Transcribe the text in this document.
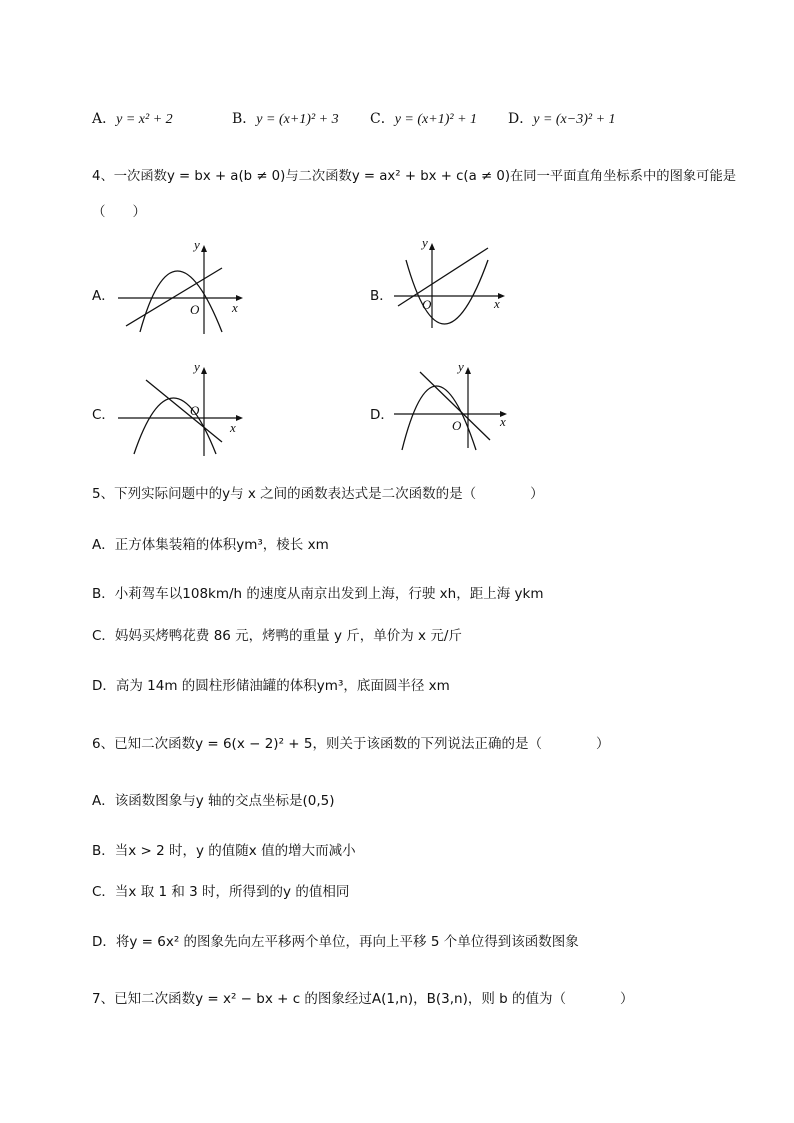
A．y = x² + 2	B．y = (x+1)² + 3 C．y = (x+1)² + 1 D．y = (x−3)² + 1
4、一次函数y = bx + a(b ≠ 0)与二次函数y = ax² + bx + c(a ≠ 0)在同一平面直角坐标系中的图象可能是
（　　）
A．
y
x
O
B．
y
x
O
C．
y
x
O	D．
y
x
O
5、下列实际问题中的y与 x 之间的函数表达式是二次函数的是（　　　　）
A．正方体集装箱的体积ym³，棱长 xm
B．小莉驾车以108km/h 的速度从南京出发到上海，行驶 xh，距上海 ykm
C．妈妈买烤鸭花费 86 元，烤鸭的重量 y 斤，单价为 x 元/斤
D．高为 14m 的圆柱形储油罐的体积ym³，底面圆半径 xm
6、已知二次函数y = 6(x − 2)² + 5，则关于该函数的下列说法正确的是（　　　　）
A．该函数图象与y 轴的交点坐标是(0,5)
B．当x > 2 时，y 的值随x 值的增大而减小
C．当x 取 1 和 3 时，所得到的y 的值相同
D．将y = 6x² 的图象先向左平移两个单位，再向上平移 5 个单位得到该函数图象
7、已知二次函数y = x² − bx + c 的图象经过A(1,n)，B(3,n)，则 b 的值为（　　　　）
